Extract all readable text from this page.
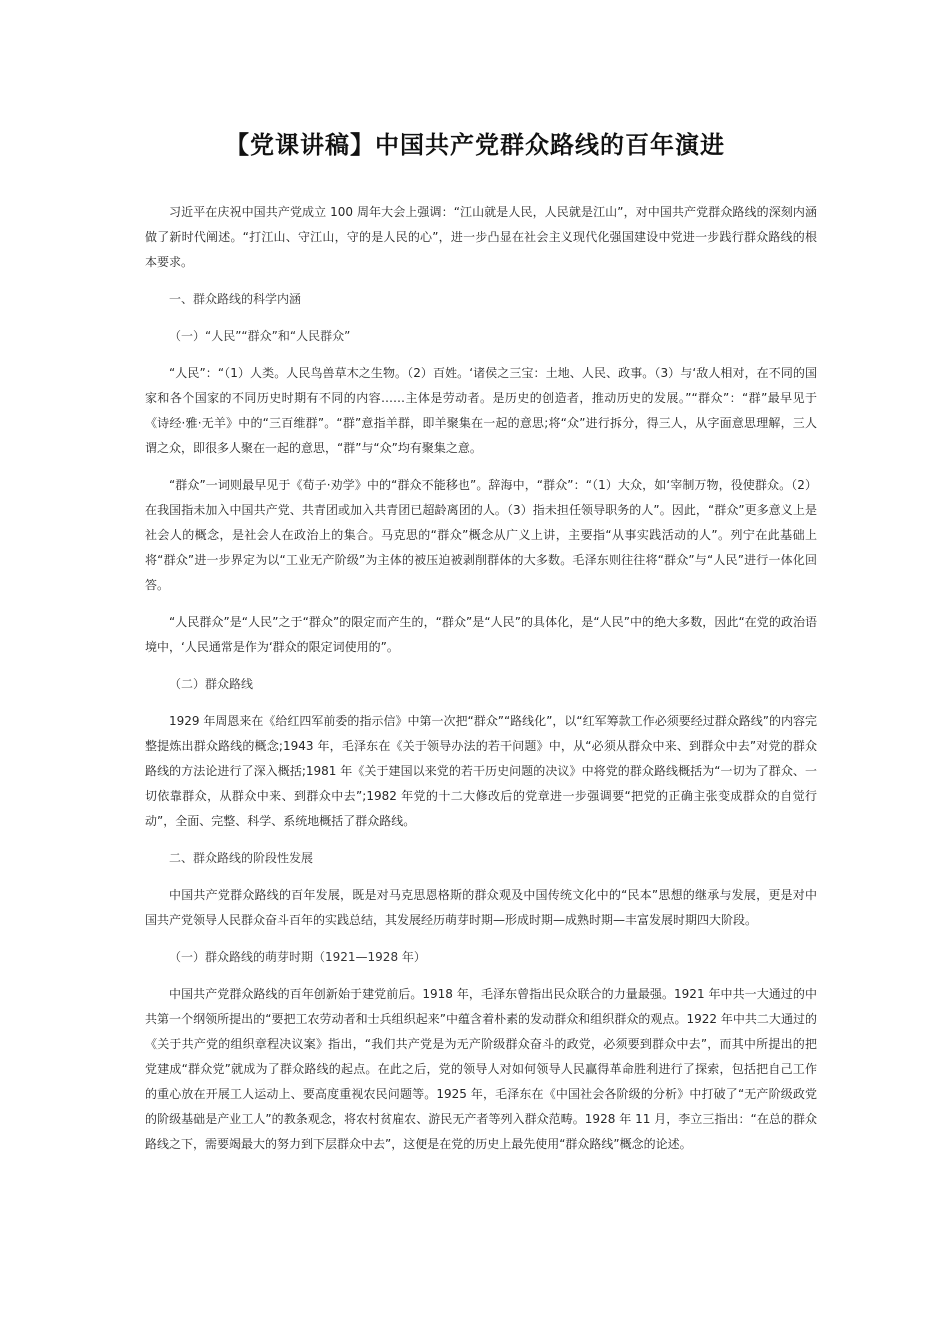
【党课讲稿】中国共产党群众路线的百年演进

习近平在庆祝中国共产党成立 100 周年大会上强调：“江山就是人民，人民就是江山”，对中国共产党群众路线的深刻内涵做了新时代阐述。“打江山、守江山，守的是人民的心”，进一步凸显在社会主义现代化强国建设中党进一步践行群众路线的根本要求。

一、群众路线的科学内涵

（一）“人民”“群众”和“人民群众”

“人民”：“（1）人类。人民鸟兽草木之生物。（2）百姓。‘诸侯之三宝：土地、人民、政事。（3）与‘敌人相对，在不同的国家和各个国家的不同历史时期有不同的内容……主体是劳动者。是历史的创造者，推动历史的发展。”“群众”：“群”最早见于《诗经·雅·无羊》中的“三百维群”。“群”意指羊群，即羊聚集在一起的意思;将“众”进行拆分，得三人，从字面意思理解，三人谓之众，即很多人聚在一起的意思，“群”与“众”均有聚集之意。

“群众”一词则最早见于《荀子·劝学》中的“群众不能移也”。辞海中，“群众”：“（1）大众，如‘宰制万物，役使群众。（2） 在我国指未加入中国共产党、共青团或加入共青团已超龄离团的人。（3）指未担任领导职务的人”。因此，“群众”更多意义上是社会人的概念，是社会人在政治上的集合。马克思的“群众”概念从广义上讲，主要指“从事实践活动的人”。列宁在此基础上将“群众”进一步界定为以“工业无产阶级”为主体的被压迫被剥削群体的大多数。毛泽东则往往将“群众”与“人民”进行一体化回答。

“人民群众”是“人民”之于“群众”的限定而产生的，“群众”是“人民”的具体化，是“人民”中的绝大多数，因此“在党的政治语境中，‘人民通常是作为‘群众的限定词使用的”。

（二）群众路线

1929 年周恩来在《给红四军前委的指示信》中第一次把“群众”“路线化”，以“红军筹款工作必须要经过群众路线”的内容完整提炼出群众路线的概念;1943 年，毛泽东在《关于领导办法的若干问题》中，从“必须从群众中来、到群众中去”对党的群众路线的方法论进行了深入概括;1981 年《关于建国以来党的若干历史问题的决议》中将党的群众路线概括为“一切为了群众、一切依靠群众，从群众中来、到群众中去”;1982 年党的十二大修改后的党章进一步强调要“把党的正确主张变成群众的自觉行动”，全面、完整、科学、系统地概括了群众路线。

二、群众路线的阶段性发展

中国共产党群众路线的百年发展，既是对马克思恩格斯的群众观及中国传统文化中的“民本”思想的继承与发展，更是对中国共产党领导人民群众奋斗百年的实践总结，其发展经历萌芽时期—形成时期—成熟时期—丰富发展时期四大阶段。

（一）群众路线的萌芽时期（1921—1928 年）

中国共产党群众路线的百年创新始于建党前后。1918 年，毛泽东曾指出民众联合的力量最强。1921 年中共一大通过的中共第一个纲领所提出的“要把工农劳动者和士兵组织起来”中蕴含着朴素的发动群众和组织群众的观点。1922 年中共二大通过的《关于共产党的组织章程决议案》指出，“我们共产党是为无产阶级群众奋斗的政党，必须要到群众中去”，而其中所提出的把党建成“群众党”就成为了群众路线的起点。在此之后，党的领导人对如何领导人民赢得革命胜利进行了探索，包括把自己工作的重心放在开展工人运动上、要高度重视农民问题等。1925 年，毛泽东在《中国社会各阶级的分析》中打破了“无产阶级政党的阶级基础是产业工人”的教条观念，将农村贫雇农、游民无产者等列入群众范畴。1928 年 11 月，李立三指出：“在总的群众路线之下，需要竭最大的努力到下层群众中去”，这便是在党的历史上最先使用“群众路线”概念的论述。
